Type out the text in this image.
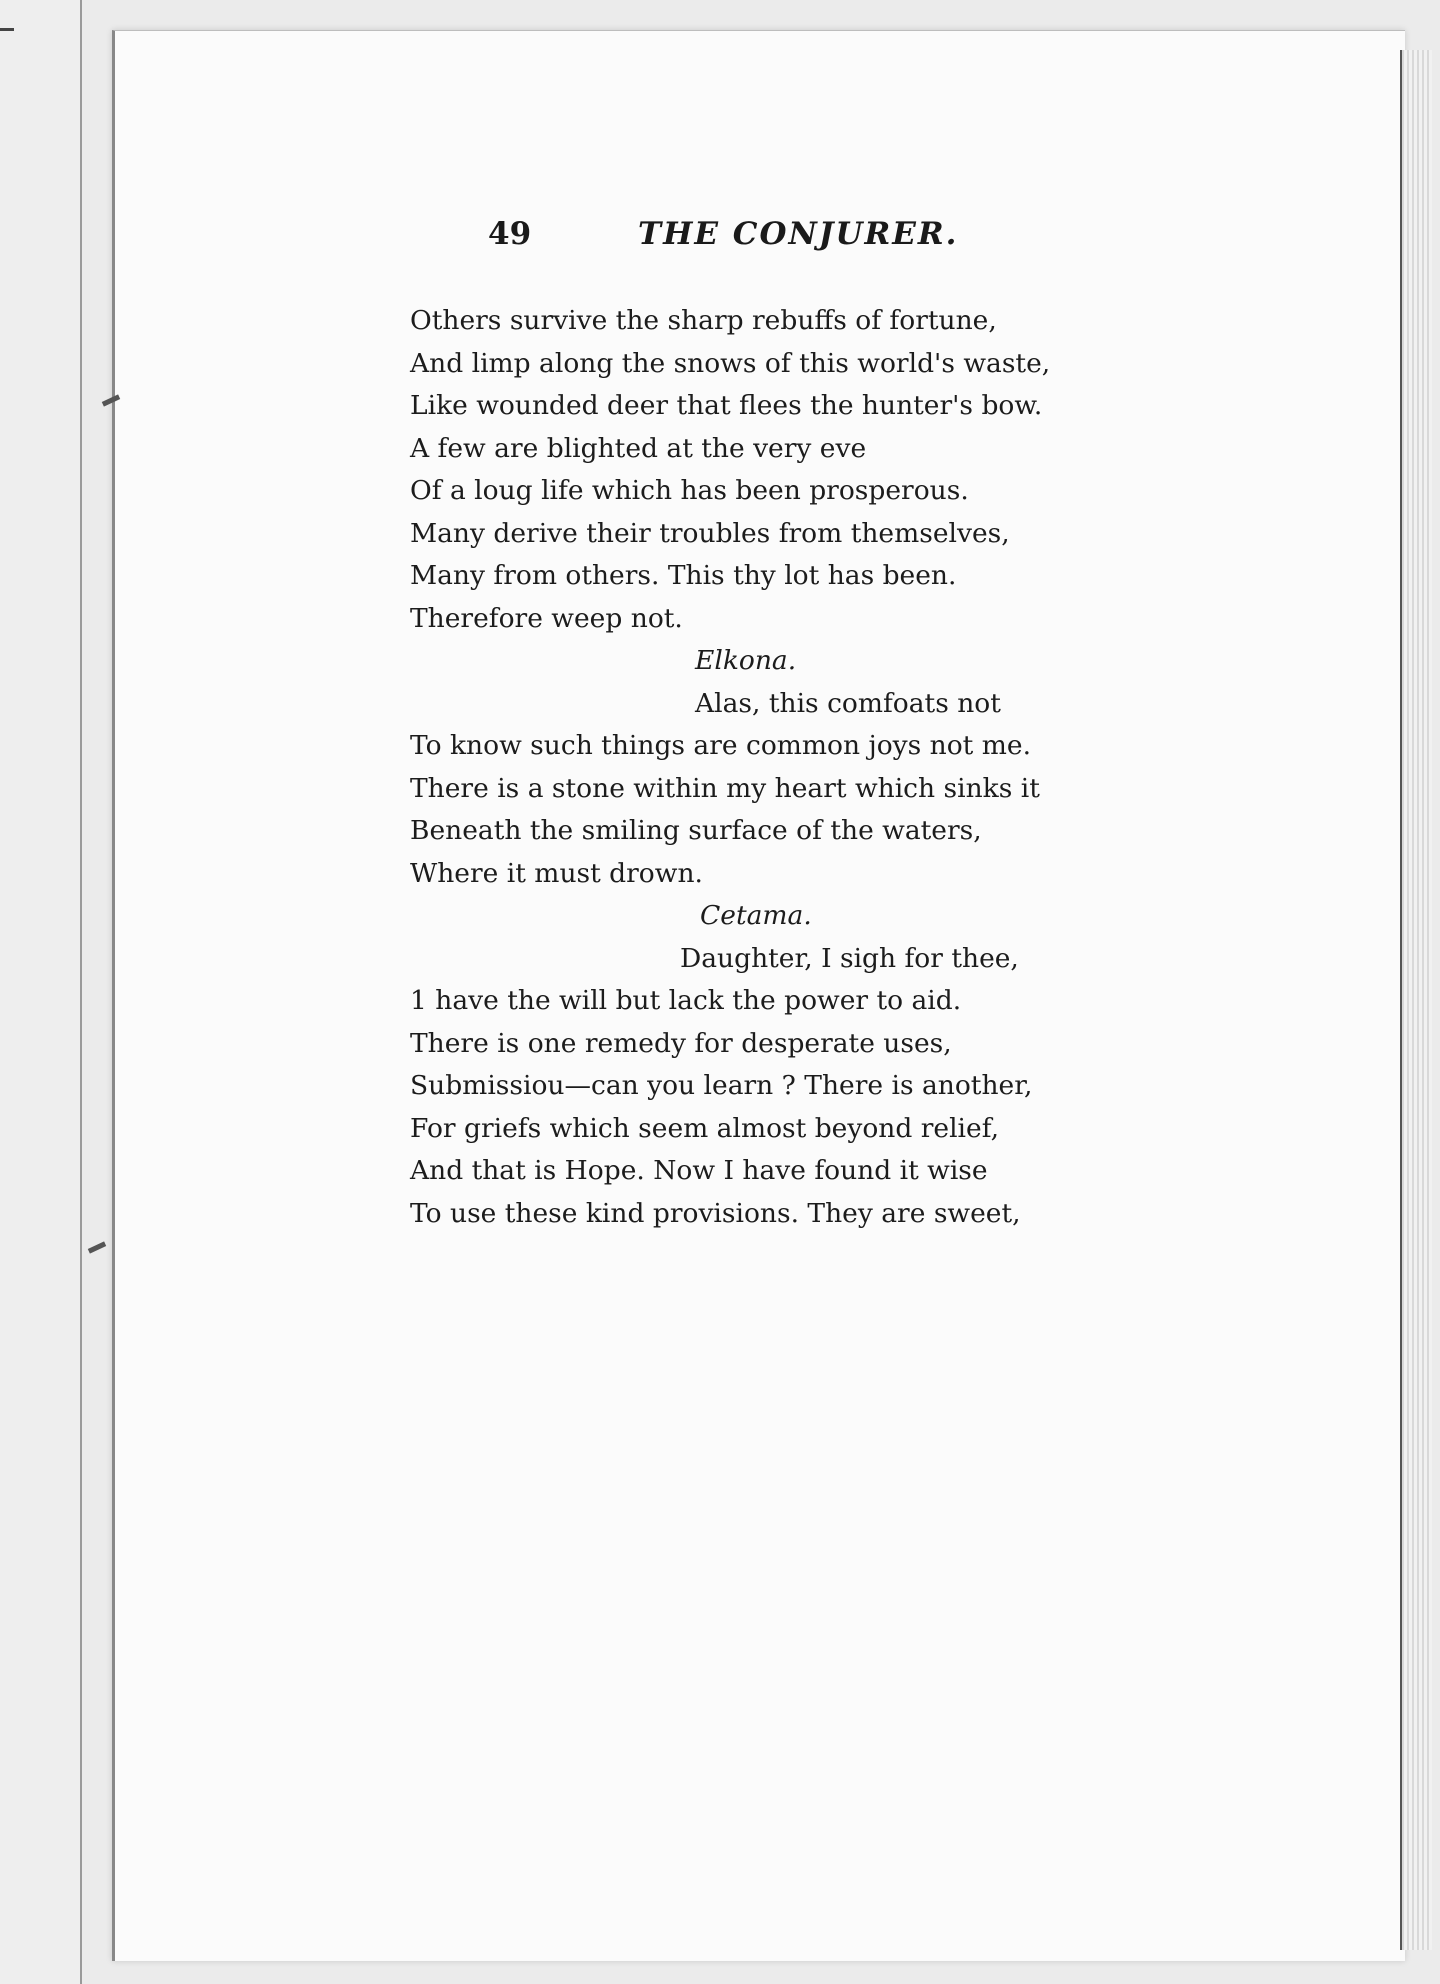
49	THE CONJURER.
Others survive the sharp rebuffs of fortune,
And limp along the snows of this world's waste,
Like wounded deer that flees the hunter's bow.
A few are blighted at the very eve
Of a loug life which has been prosperous.
Many derive their troubles from themselves,
Many from others. This thy lot has been.
Therefore weep not.
Elkona.
Alas, this comfoats not
To know such things are common joys not me.
There is a stone within my heart which sinks it
Beneath the smiling surface of the waters,
Where it must drown.
Cetama.
Daughter, I sigh for thee,
1 have the will but lack the power to aid.
There is one remedy for desperate uses,
Submissiou—can you learn ? There is another,
For griefs which seem almost beyond relief,
And that is Hope. Now I have found it wise
To use these kind provisions. They are sweet,
